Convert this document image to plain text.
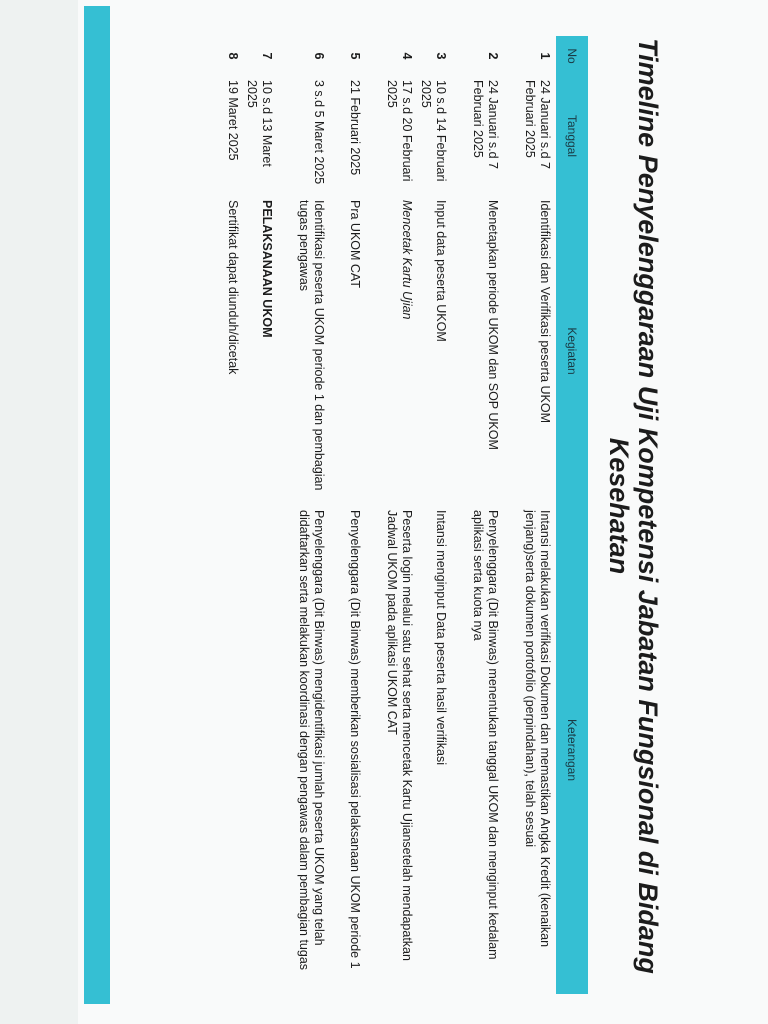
Timeline Penyelenggaraan Uji Kompetensi Jabatan Fungsional di Bidang Kesehatan
No	Tanggal	Kegiatan	Keterangan
1	24 Januari s.d 7 Februari 2025	Identifikasi dan Verifikasi peserta UKOM	Intansi melakukan verifikasi Dokumen dan memastikan Angka Kredit (kenaikan jenjang)serta dokumen portofolio (perpindahan), telah sesuai
2	24 Januari s.d 7 Februari 2025	Menetapkan periode UKOM dan SOP UKOM	Penyelenggara (Dit Binwas) menentukan tanggal UKOM dan menginput kedalam aplikasi serta kuota nya
3	10 s.d 14 Februari 2025	Input data peserta UKOM	Intansi menginput Data peserta hasil verifikasi
4	17 s.d 20 Februari 2025	Mencetak Kartu Ujian	Peserta login melalui satu sehat serta mencetak Kartu Ujiansetelah mendapatkan Jadwal UKOM pada aplikasi UKOM CAT
5	21 Februari 2025	Pra UKOM CAT	Penyelenggara (Dit Binwas) memberikan sosialisasi pelaksanaan UKOM periode 1
6	3 s.d 5 Maret 2025	Identifikasi peserta UKOM periode 1 dan pembagian tugas pengawas	Penyelenggara (Dit Binwas) mengidentifikasi jumlah peserta UKOM yang telah didaftarkan serta melakukan koordinasi dengan pengawas dalam pembagian tugas
7	10 s.d 13 Maret 2025	PELAKSANAAN UKOM	
8	19 Maret 2025	Sertifikat dapat diunduh/dicetak	
